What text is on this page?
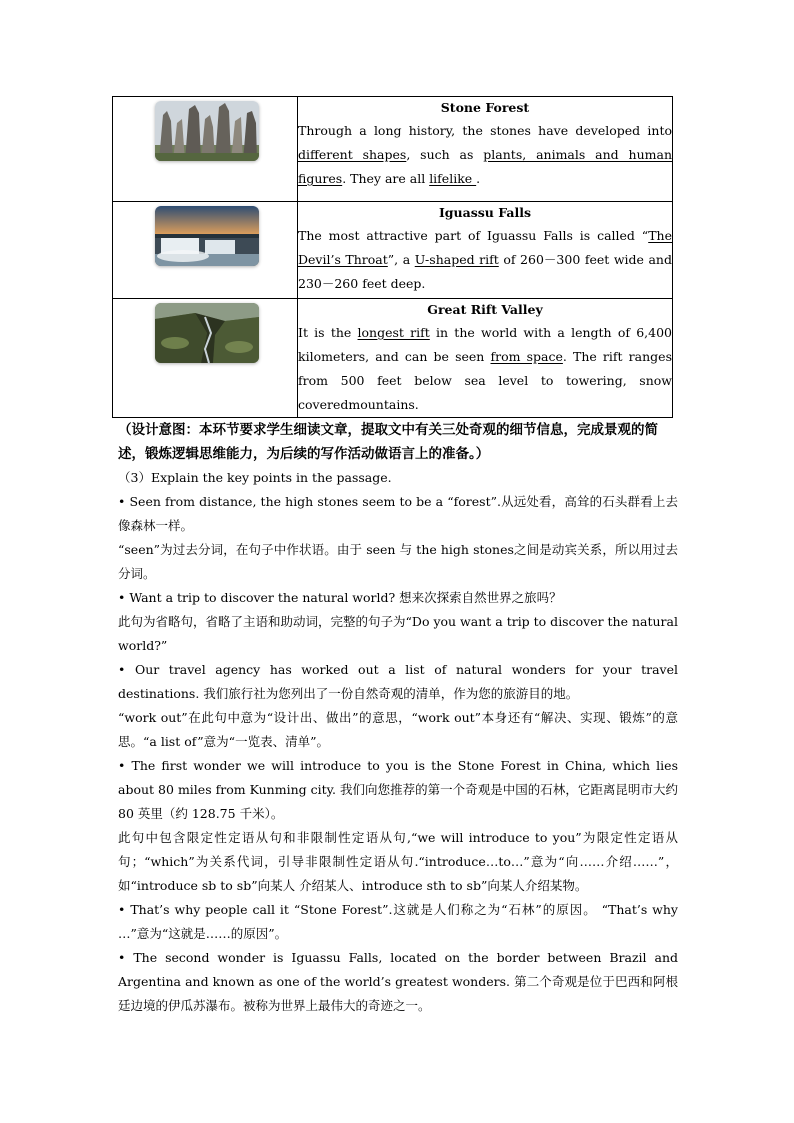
Stone Forest
Through a long history, the stones have developed into different shapes, such as plants, animals and human figures. They are all lifelike .

Iguassu Falls
The most attractive part of Iguassu Falls is called “The Devil’s Throat”, a U-shaped rift of 260－300 feet wide and 230－260 feet deep.

Great Rift Valley
It is the longest rift in the world with a length of 6,400 kilometers, and can be seen from space. The rift ranges from 500 feet below sea level to towering, snow coveredmountains.
（设计意图：本环节要求学生细读文章，提取文中有关三处奇观的细节信息，完成景观的简述，锻炼逻辑思维能力，为后续的写作活动做语言上的准备。）

（3）Explain the key points in the passage.

• Seen from distance, the high stones seem to be a “forest”.从远处看，高耸的石头群看上去像森林一样。

“seen”为过去分词，在句子中作状语。由于 seen 与 the high stones之间是动宾关系，所以用过去分词。

• Want a trip to discover the natural world? 想来次探索自然世界之旅吗？

此句为省略句，省略了主语和助动词，完整的句子为“Do you want a trip to discover the natural world?”

• Our travel agency has worked out a list of natural wonders for your travel destinations. 我们旅行社为您列出了一份自然奇观的清单，作为您的旅游目的地。

“work out”在此句中意为“设计出、做出”的意思，“work out”本身还有“解决、实现、锻炼”的意思。“a list of”意为“一览表、清单”。

• The first wonder we will introduce to you is the Stone Forest in China, which lies about 80 miles from Kunming city. 我们向您推荐的第一个奇观是中国的石林，它距离昆明市大约 80 英里（约 128.75 千米）。

此句中包含限定性定语从句和非限制性定语从句,“we will introduce to you”为限定性定语从句；“which”为关系代词，引导非限制性定语从句.“introduce…to…”意为“向……介绍……”，如“introduce sb to sb”向某人 介绍某人、introduce sth to sb”向某人介绍某物。

• That’s why people call it “Stone Forest”.这就是人们称之为“石林”的原因。 “That’s why …”意为“这就是……的原因”。

• The second wonder is Iguassu Falls, located on the border between Brazil and Argentina and known as one of the world’s greatest wonders. 第二个奇观是位于巴西和阿根廷边境的伊瓜苏瀑布。被称为世界上最伟大的奇迹之一。
